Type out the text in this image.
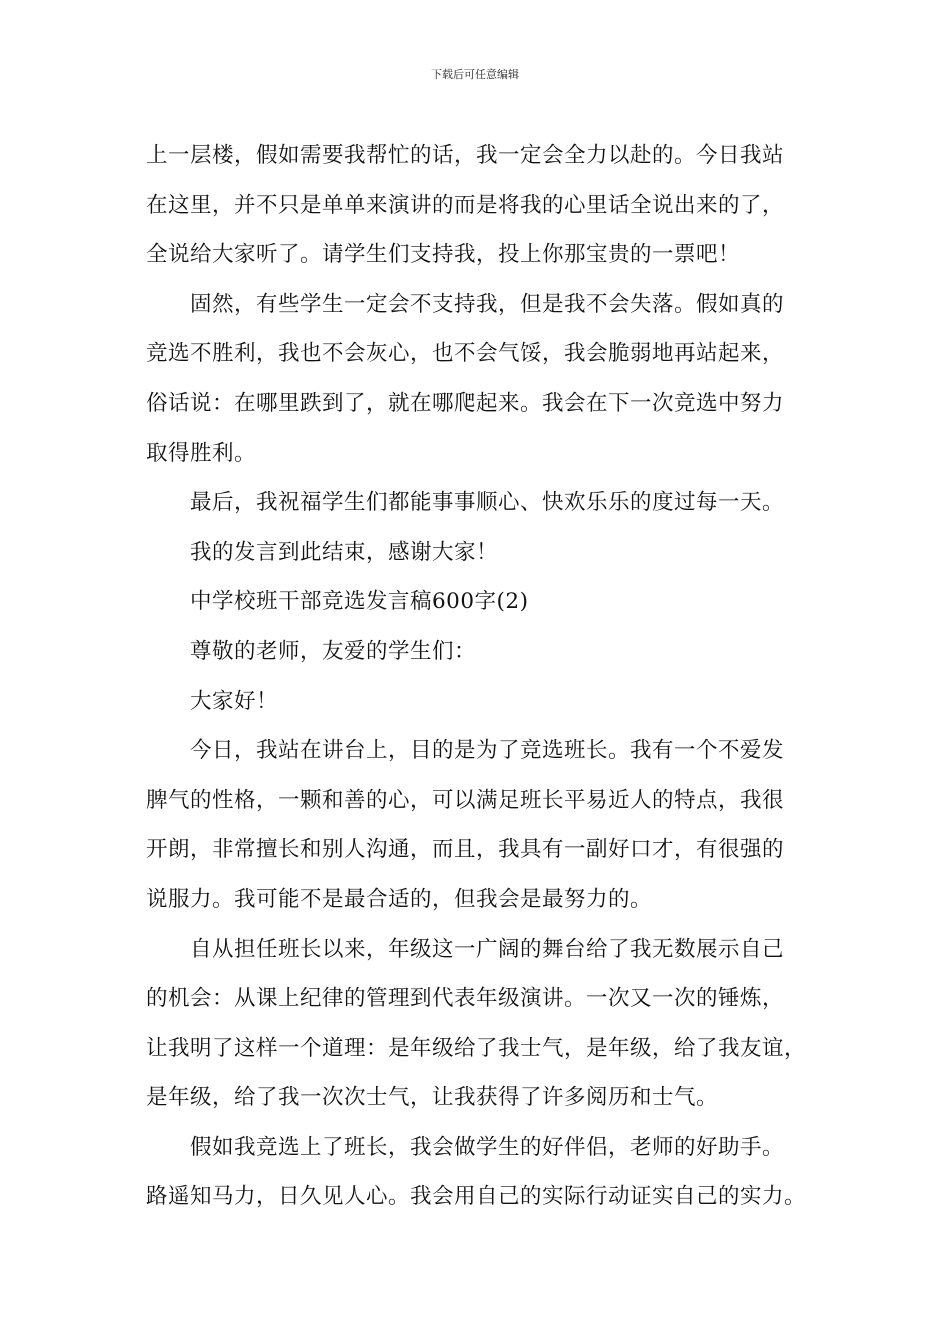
下载后可任意编辑
上一层楼，假如需要我帮忙的话，我一定会全力以赴的。今日我站
在这里，并不只是单单来演讲的而是将我的心里话全说出来的了，
全说给大家听了。请学生们支持我，投上你那宝贵的一票吧！
固然，有些学生一定会不支持我，但是我不会失落。假如真的
竞选不胜利，我也不会灰心，也不会气馁，我会脆弱地再站起来，
俗话说：在哪里跌到了，就在哪爬起来。我会在下一次竞选中努力
取得胜利。
最后，我祝福学生们都能事事顺心、快欢乐乐的度过每一天。
我的发言到此结束，感谢大家！
中学校班干部竞选发言稿600字(2)
尊敬的老师，友爱的学生们：
大家好！
今日，我站在讲台上，目的是为了竞选班长。我有一个不爱发
脾气的性格，一颗和善的心，可以满足班长平易近人的特点，我很
开朗，非常擅长和别人沟通，而且，我具有一副好口才，有很强的
说服力。我可能不是最合适的，但我会是最努力的。
自从担任班长以来，年级这一广阔的舞台给了我无数展示自己
的机会：从课上纪律的管理到代表年级演讲。一次又一次的锤炼，
让我明了这样一个道理：是年级给了我士气，是年级，给了我友谊，
是年级，给了我一次次士气，让我获得了许多阅历和士气。
假如我竞选上了班长，我会做学生的好伴侣，老师的好助手。
路遥知马力，日久见人心。我会用自己的实际行动证实自己的实力。
